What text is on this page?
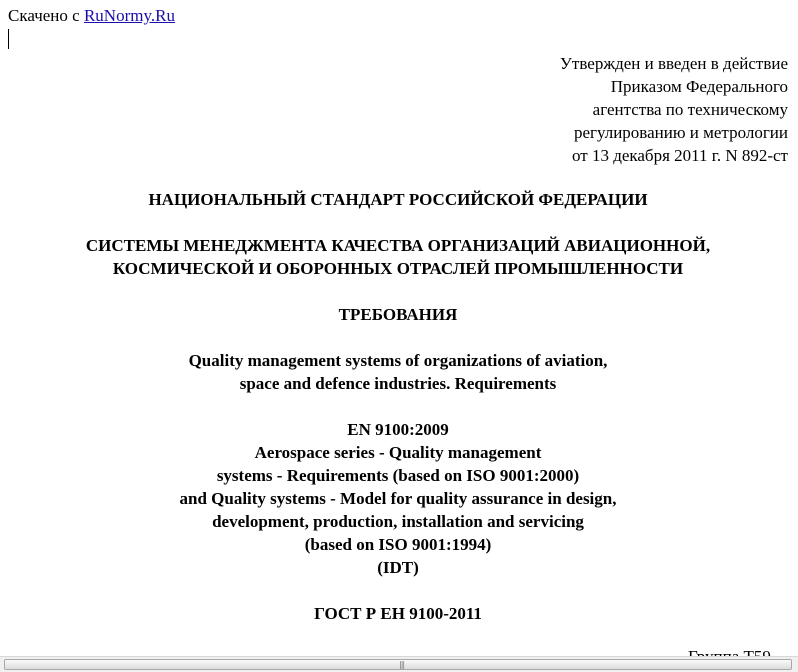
Скачено с RuNormy.Ru
Утвержден и введен в действие
Приказом Федерального
агентства по техническому
регулированию и метрологии
от 13 декабря 2011 г. N 892-ст
НАЦИОНАЛЬНЫЙ СТАНДАРТ РОССИЙСКОЙ ФЕДЕРАЦИИ
СИСТЕМЫ МЕНЕДЖМЕНТА КАЧЕСТВА ОРГАНИЗАЦИЙ АВИАЦИОННОЙ,
КОСМИЧЕСКОЙ И ОБОРОННЫХ ОТРАСЛЕЙ ПРОМЫШЛЕННОСТИ
ТРЕБОВАНИЯ
Quality management systems of organizations of aviation,
space and defence industries. Requirements
EN 9100:2009
Aerospace series - Quality management
systems - Requirements (based on ISO 9001:2000)
and Quality systems - Model for quality assurance in design,
development, production, installation and servicing
(based on ISO 9001:1994)
(IDT)
ГОСТ Р ЕН 9100-2011
|||
